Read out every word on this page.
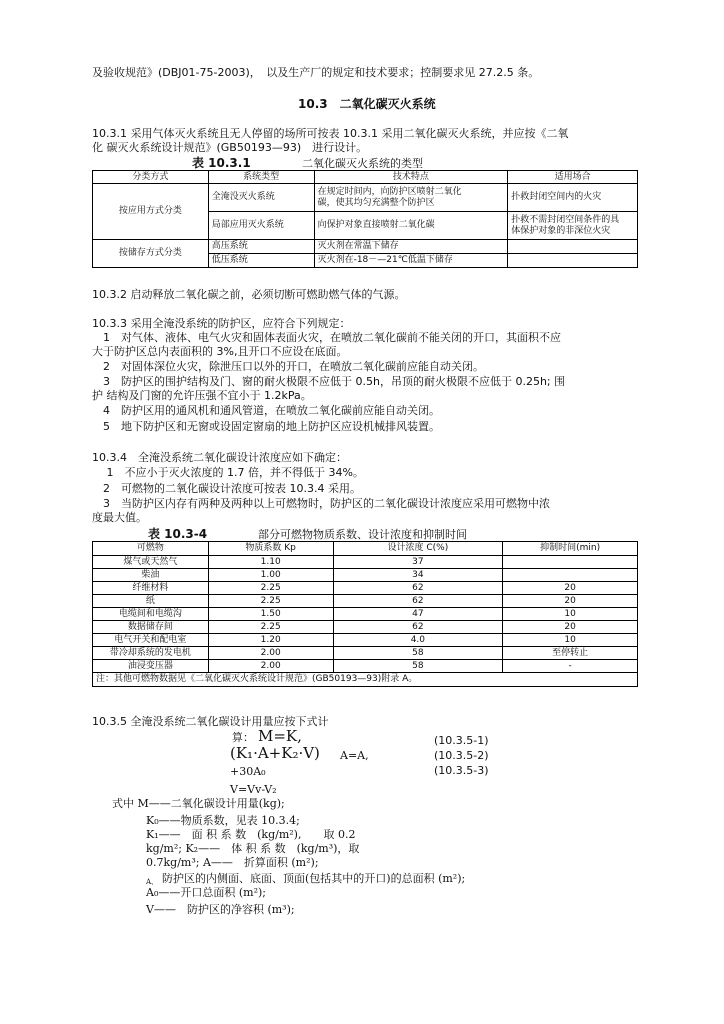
及验收规范》(DBJ01-75-2003)，　以及生产厂的规定和技术要求；控制要求见 27.2.5 条。
10.3　二氧化碳灭火系统
10.3.1 采用气体灭火系统且无人停留的场所可按表 10.3.1 采用二氧化碳灭火系统，并应按《二氧
化 碳灭火系统设计规范》(GB50193—93)　进行设计。
表 10.3.1	二氧化碳灭火系统的类型
分类方式	系统类型	技术特点	适用场合
按应用方式分类	全淹没灭火系统	在规定时间内，向防护区喷射二氧化
碳，使其均匀充满整个防护区	扑救封闭空间内的火灾
	局部应用灭火系统	向保护对象直接喷射二氧化碳	扑救不需封闭空间条件的具
体保护对象的非深位火灾

按储存方式分类	高压系统	灭火剂在常温下储存	
	低压系统	灭火剂在-18－—21℃低温下储存	
10.3.2 启动释放二氧化碳之前，必须切断可燃助燃气体的气源。
10.3.3 采用全淹没系统的防护区，应符合下列规定：
　1　对气体、液体、电气火灾和固体表面火灾，在喷放二氧化碳前不能关闭的开口，其面积不应
大于防护区总内表面积的 3%,且开口不应设在底面。
　2　对固体深位火灾，除泄压口以外的开口，在喷放二氧化碳前应能自动关闭。
　3　防护区的围护结构及门、窗的耐火极限不应低于 0.5h，吊顶的耐火极限不应低于 0.25h; 围
护 结构及门窗的允许压强不宜小于 1.2kPa。
　4　防护区用的通风机和通风管道，在喷放二氧化碳前应能自动关闭。
　5　地下防护区和无窗或设固定窗扇的地上防护区应设机械排风装置。
10.3.4　全淹没系统二氧化碳设计浓度应如下确定：
　 1　不应小于灭火浓度的 1.7 倍，并不得低于 34%。
　2　可燃物的二氧化碳设计浓度可按表 10.3.4 采用。
　3　当防护区内存有两种及两种以上可燃物时，防护区的二氧化碳设计浓度应采用可燃物中浓
度最大值。
表 10.3-4	部分可燃物物质系数、设计浓度和抑制时间
可燃物	物质系数 Kp	设计浓度 C(%)	抑制时间(min)
煤气或天然气	1.10	37	
柴油	1.00	34	
纤维材料	2.25	62	20
纸	2.25	62	20
电缆间和电缆沟	1.50	47	10
数据储存间	2.25	62	20
电气开关和配电室	1.20	4.0	10
带冷却系统的发电机	2.00	58	至停转止
油浸变压器	2.00	58	-
注：其他可燃物数据见《二氧化碳灭火系统设计规范》(GB50193—93)附录 A。			
10.3.5 全淹没系统二氧化碳设计用量应按下式计
算： M=K,
(K₁·A+K₂·V) A=A,
+30A₀
(10.3.5-1)
(10.3.5-2)
(10.3.5-3)
V=Vv-V₂
式中 M——二氧化碳设计用量(kg);
K₀——物质系数，见表 10.3.4;
K₁——　面 积 系 数　(kg/m²),　　取 0.2
kg/m²; K₂——　体 积 系 数　(kg/m³)，取
0.7kg/m³; A——　折算面积 (m²);
A、 防护区的内侧面、底面、顶面(包括其中的开口)的总面积 (m²);
A₀——开口总面积 (m²);
V——　防护区的净容积 (m³);
